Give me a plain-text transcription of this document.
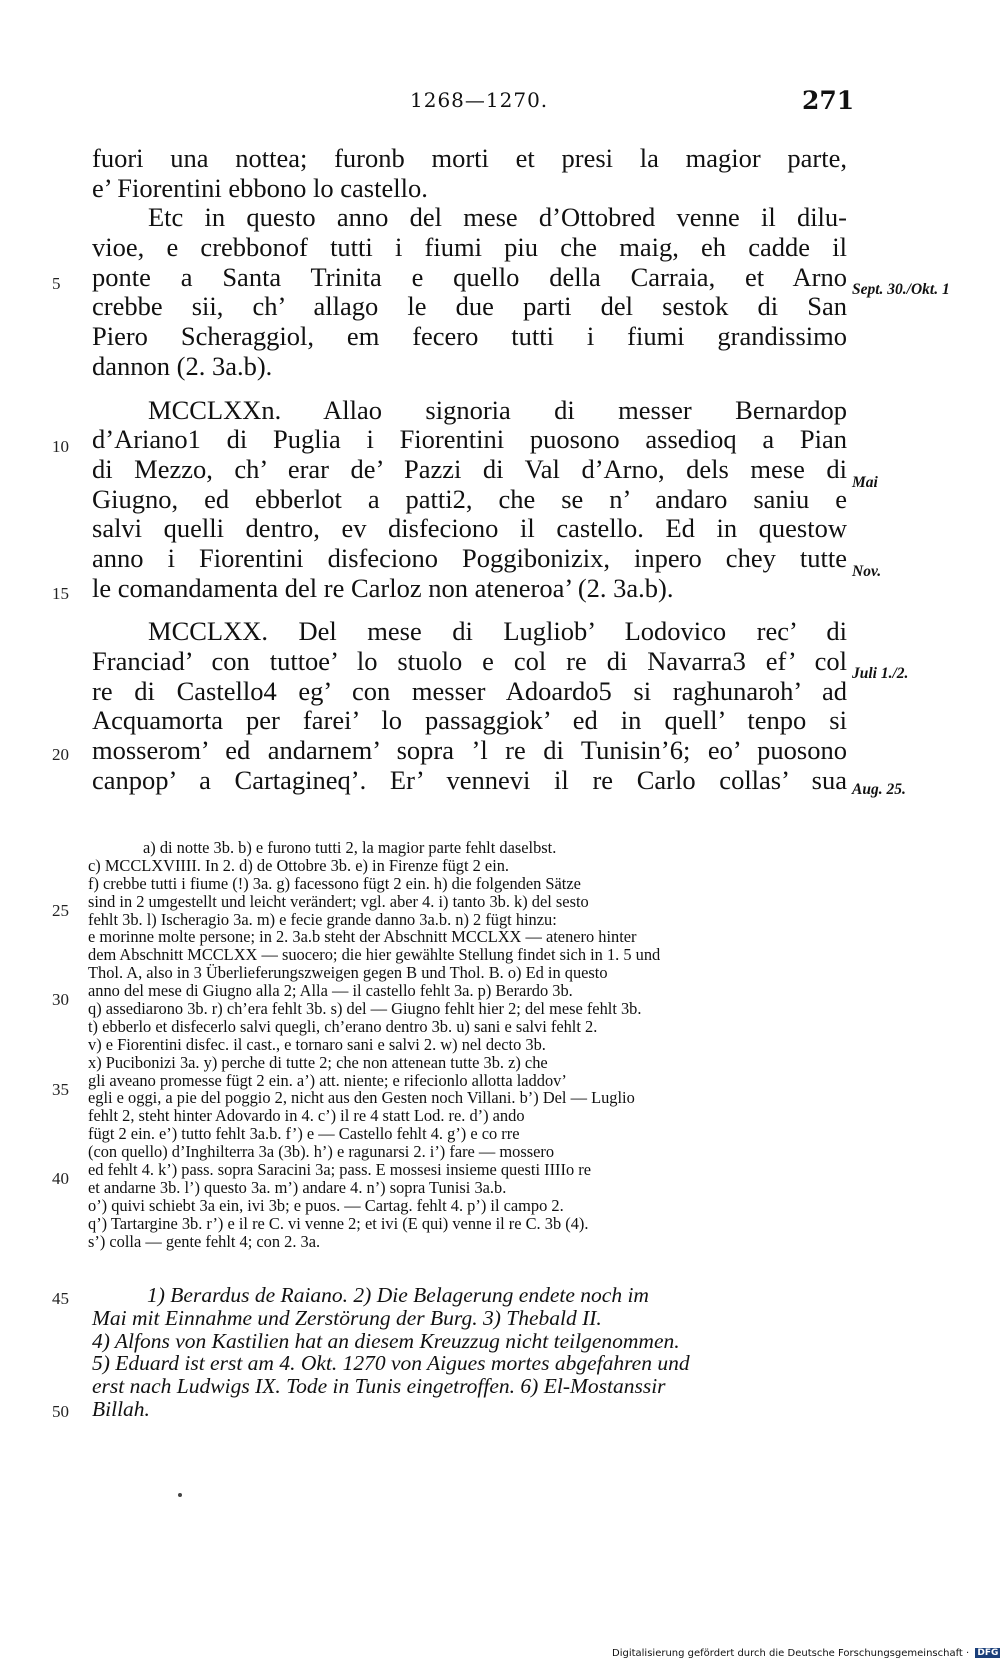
1268—1270.	271
fuori una nottea; furonb morti et presi la magior parte,
e’ Fiorentini ebbono lo castello.
Etc in questo anno del mese d’Ottobred venne il dilu-
vioe, e crebbonof tutti i fiumi piu che maig, eh cadde il
ponte a Santa Trinita e quello della Carraia, et Arno
crebbe sii, ch’ allago le due parti del sestok di San
Piero Scheraggiol, em fecero tutti i fiumi grandissimo
dannon (2. 3a.b).
MCCLXXn. Allao signoria di messer Bernardop
d’Ariano1 di Puglia i Fiorentini puosono assedioq a Pian
di Mezzo, ch’ erar de’ Pazzi di Val d’Arno, dels mese di
Giugno, ed ebberlot a patti2, che se n’ andaro saniu e
salvi quelli dentro, ev disfeciono il castello. Ed in questow
anno i Fiorentini disfeciono Poggibonizix, inpero chey tutte
le comandamenta del re Carloz non ateneroa’ (2. 3a.b).
MCCLXX. Del mese di Lugliob’ Lodovico rec’ di
Franciad’ con tuttoe’ lo stuolo e col re di Navarra3 ef’ col
re di Castello4 eg’ con messer Adoardo5 si raghunaroh’ ad
Acquamorta per farei’ lo passaggiok’ ed in quell’ tenpo si
mosserom’ ed andarnem’ sopra ’l re di Tunisin’6; eo’ puosono
canpop’ a Cartagineq’. Er’ vennevi il re Carlo collas’ sua
5
10
15
20
Sept. 30./Okt. 1
Mai
Nov.
Juli 1./2.
Aug. 25.
a) di notte 3b. b) e furono tutti 2, la magior parte fehlt daselbst.
c) MCCLXVIIII. In 2. d) de Ottobre 3b. e) in Firenze fügt 2 ein.
f) crebbe tutti i fiume (!) 3a. g) facessono fügt 2 ein. h) die folgenden Sätze
sind in 2 umgestellt und leicht verändert; vgl. aber 4. i) tanto 3b. k) del sesto
fehlt 3b. l) Ischeragio 3a. m) e fecie grande danno 3a.b. n) 2 fügt hinzu:
e morinne molte persone; in 2. 3a.b steht der Abschnitt MCCLXX — atenero hinter
dem Abschnitt MCCLXX — suocero; die hier gewählte Stellung findet sich in 1. 5 und
Thol. A, also in 3 Überlieferungszweigen gegen B und Thol. B. o) Ed in questo
anno del mese di Giugno alla 2; Alla — il castello fehlt 3a. p) Berardo 3b.
q) assediarono 3b. r) ch’era fehlt 3b. s) del — Giugno fehlt hier 2; del mese fehlt 3b.
t) ebberlo et disfecerlo salvi quegli, ch’erano dentro 3b. u) sani e salvi fehlt 2.
v) e Fiorentini disfec. il cast., e tornaro sani e salvi 2. w) nel decto 3b.
x) Pucibonizi 3a. y) perche di tutte 2; che non attenean tutte 3b. z) che
gli aveano promesse fügt 2 ein. a’) att. niente; e rifecionlo allotta laddov’
egli e oggi, a pie del poggio 2, nicht aus den Gesten noch Villani. b’) Del — Luglio
fehlt 2, steht hinter Adovardo in 4. c’) il re 4 statt Lod. re. d’) ando
fügt 2 ein. e’) tutto fehlt 3a.b. f’) e — Castello fehlt 4. g’) e co rre
(con quello) d’Inghilterra 3a (3b). h’) e ragunarsi 2. i’) fare — mossero
ed fehlt 4. k’) pass. sopra Saracini 3a; pass. E mossesi insieme questi IIIIo re
et andarne 3b. l’) questo 3a. m’) andare 4. n’) sopra Tunisi 3a.b.
o’) quivi schiebt 3a ein, ivi 3b; e puos. — Cartag. fehlt 4. p’) il campo 2.
q’) Tartargine 3b. r’) e il re C. vi venne 2; et ivi (E qui) venne il re C. 3b (4).
s’) colla — gente fehlt 4; con 2. 3a.
25
30
35
40
1) Berardus de Raiano. 2) Die Belagerung endete noch im
Mai mit Einnahme und Zerstörung der Burg. 3) Thebald II.
4) Alfons von Kastilien hat an diesem Kreuzzug nicht teilgenommen.
5) Eduard ist erst am 4. Okt. 1270 von Aigues mortes abgefahren und
erst nach Ludwigs IX. Tode in Tunis eingetroffen. 6) El-Mostanssir
Billah.
45
50
Digitalisierung gefördert durch die Deutsche Forschungsgemeinschaft · DFG
